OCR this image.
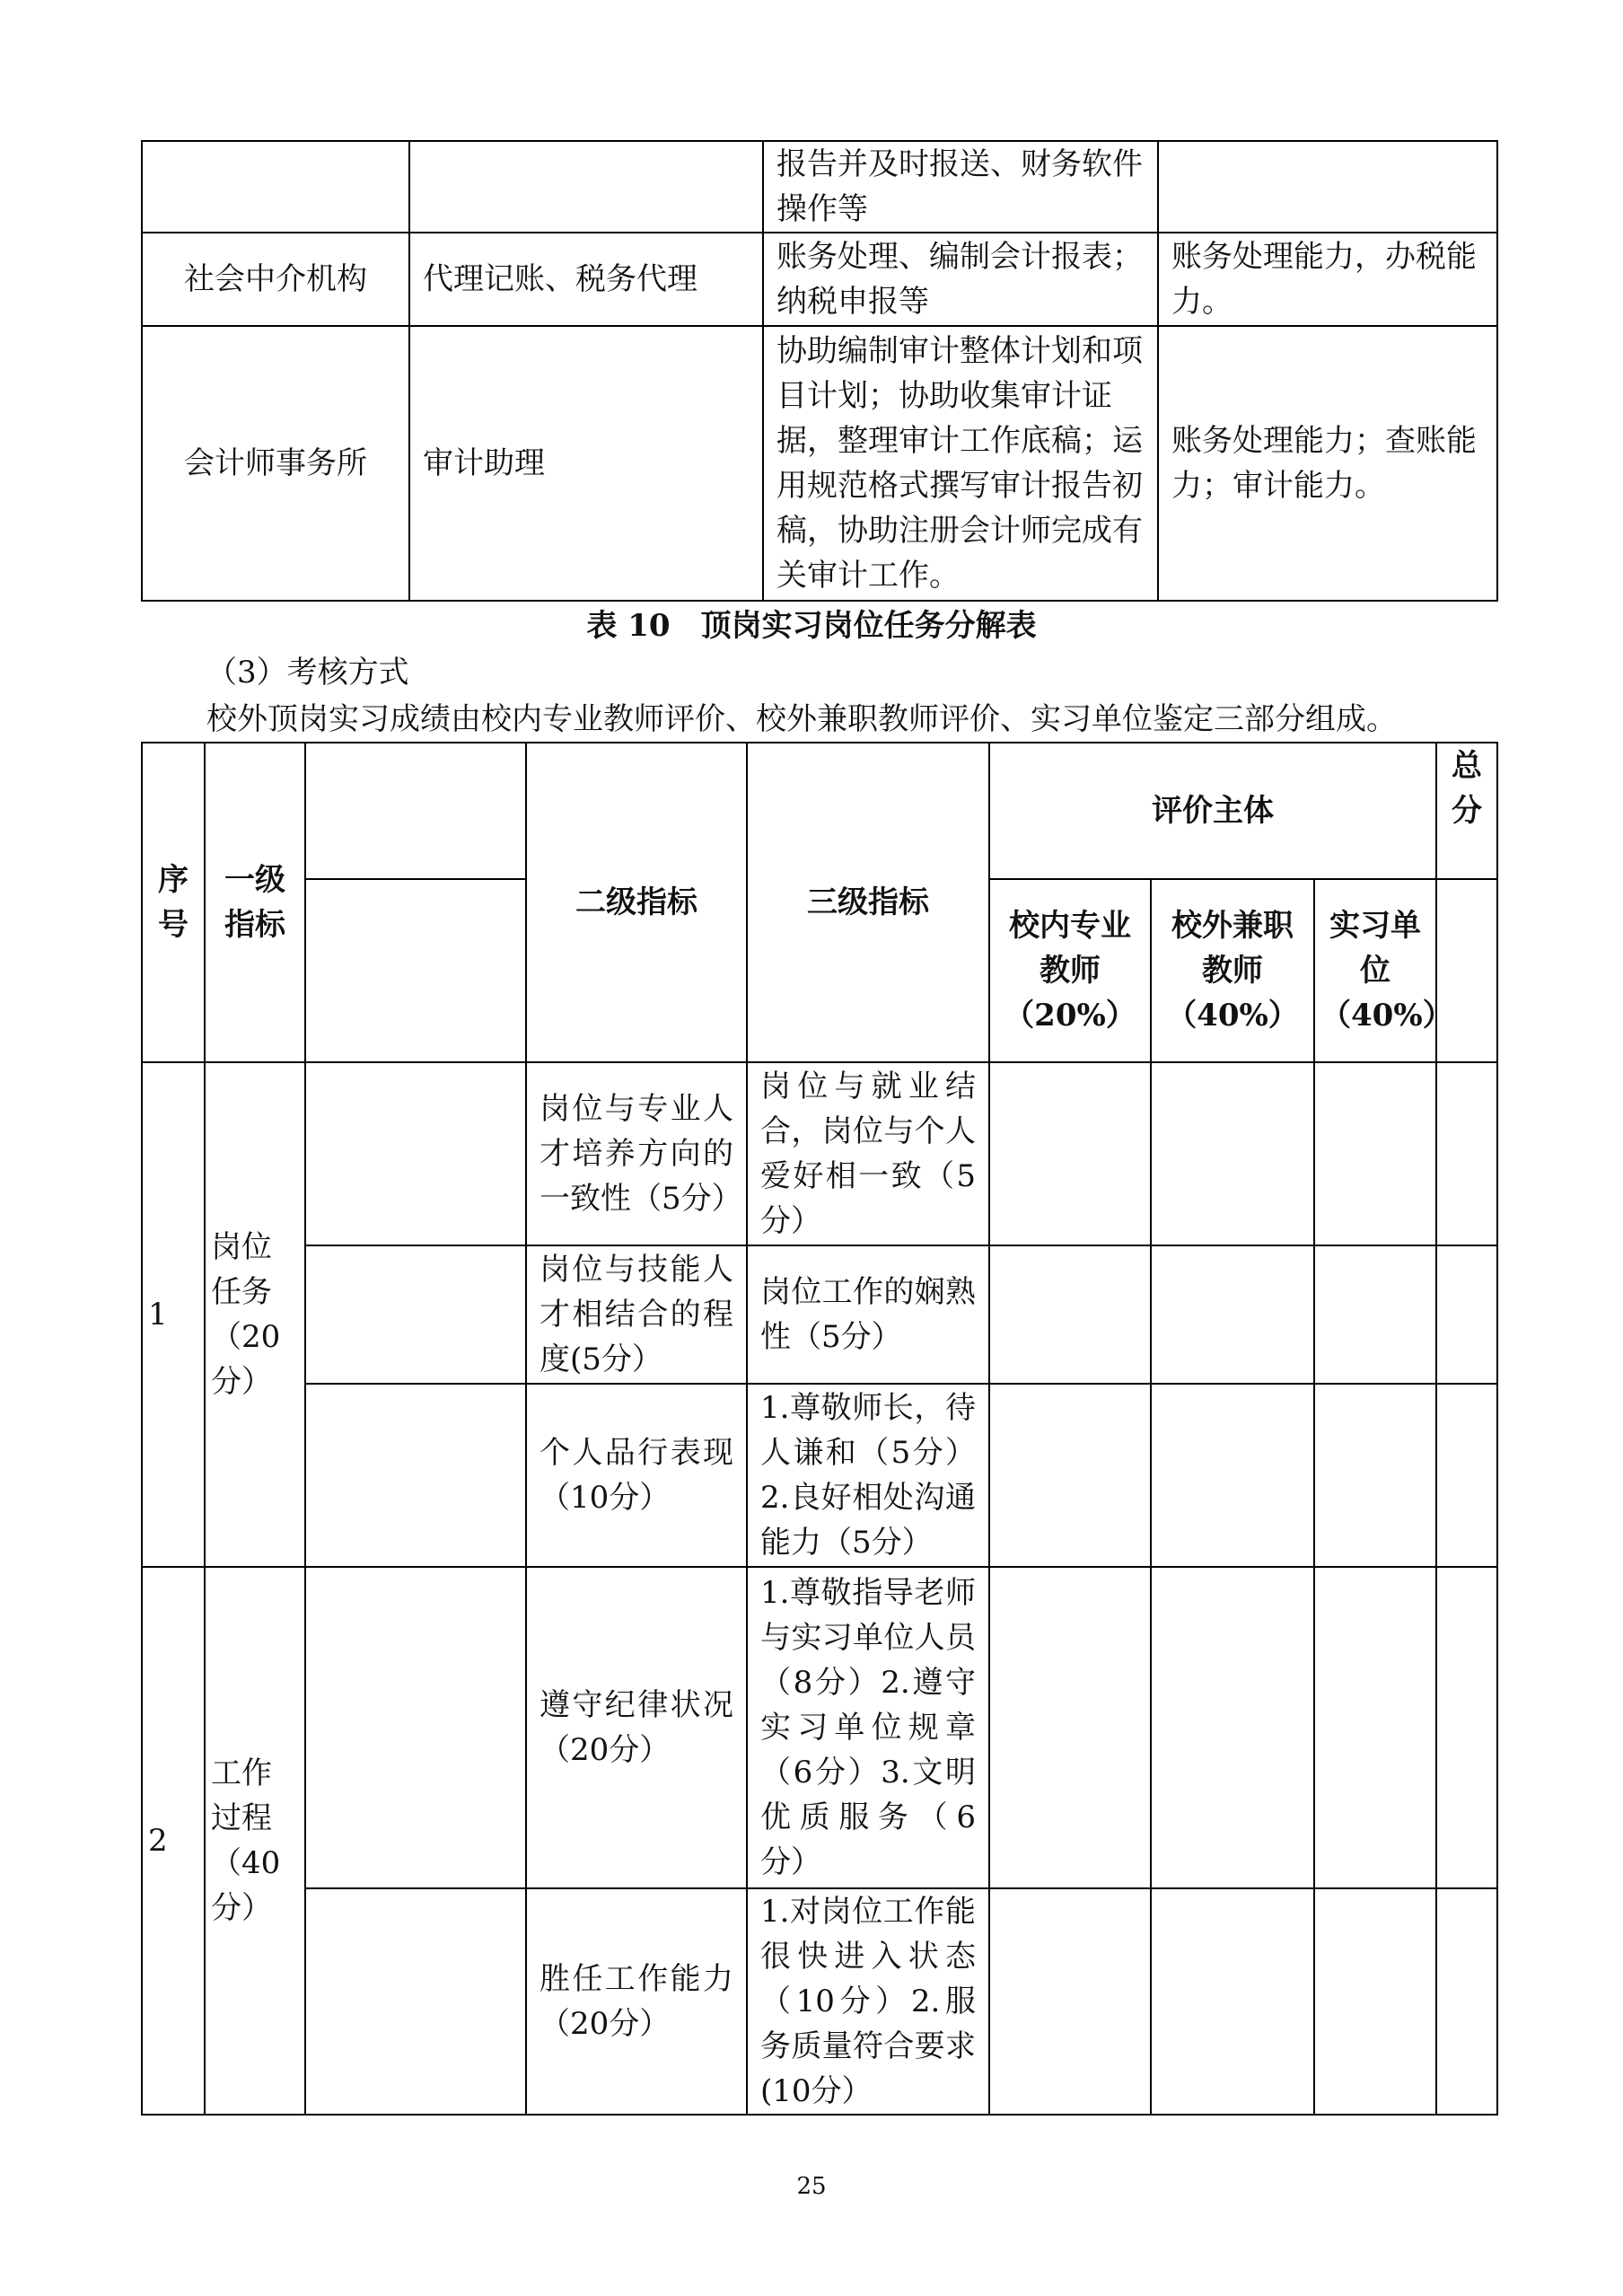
		报告并及时报送、财务软件操作等	
社会中介机构	代理记账、税务代理	账务处理、编制会计报表；纳税申报等	账务处理能力，办税能力。
会计师事务所	审计助理	协助编制审计整体计划和项目计划；协助收集审计证据，整理审计工作底稿；运用规范格式撰写审计报告初稿，协助注册会计师完成有关审计工作。	账务处理能力；查账能力；审计能力。
表 10　顶岗实习岗位任务分解表
（3）考核方式
校外顶岗实习成绩由校内专业教师评价、校外兼职教师评价、实习单位鉴定三部分组成。
序号	一级指标		二级指标	三级指标	评价主体			总分
					校内专业教师（20%）	校外兼职教师（40%）	实习单位（40%）	
1	岗位任务（20分）		岗位与专业人才培养方向的一致性（5分）	岗位与就业结合，岗位与个人爱好相一致（5分）				
			岗位与技能人才相结合的程度(5分）	岗位工作的娴熟性（5分）				
			个人品行表现（10分）	1.尊敬师长，待人谦和（5分）2.良好相处沟通能力（5分）				
2	工作过程（40分）		遵守纪律状况（20分）	1.尊敬指导老师与实习单位人员（8分）2.遵守实习单位规章（6分）3.文明优质服务（6分）				
			胜任工作能力（20分）	1.对岗位工作能很快进入状态（10分）2.服务质量符合要求(10分）				
25
